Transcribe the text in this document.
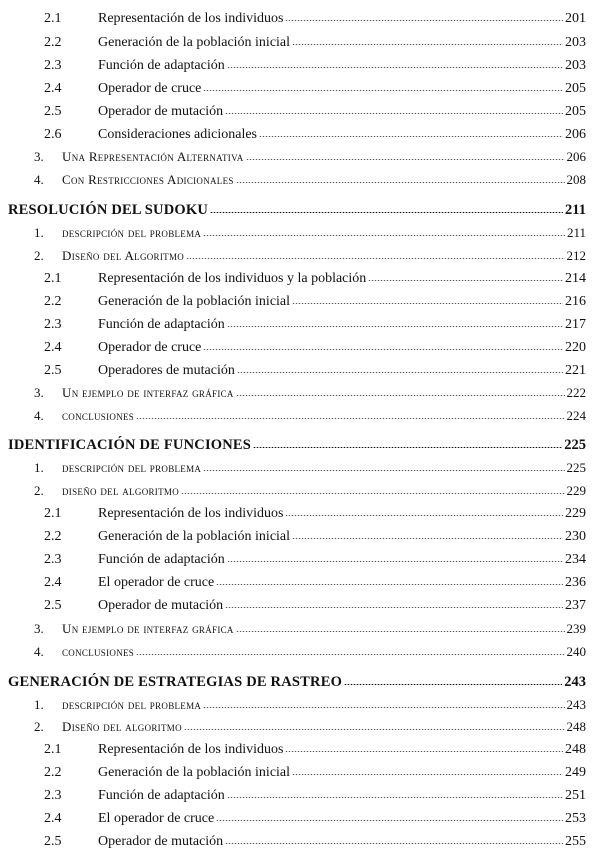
2.1	Representación de los individuos	201
2.2	Generación de la población inicial	203
2.3	Función de adaptación	203
2.4	Operador de cruce	205
2.5	Operador de mutación	205
2.6	Consideraciones adicionales	206
3.	Una Representación Alternativa	206
4.	Con Restricciones Adicionales	208
RESOLUCIÓN DEL SUDOKU	211
1.	descripción del problema	211
2.	Diseño del Algoritmo	212
2.1	Representación de los individuos y la población	214
2.2	Generación de la población inicial	216
2.3	Función de adaptación	217
2.4	Operador de cruce	220
2.5	Operadores de mutación	221
3.	Un ejemplo de interfaz gráfica	222
4.	conclusiones	224
IDENTIFICACIÓN DE FUNCIONES	225
1.	descripción del problema	225
2.	diseño del algoritmo	229
2.1	Representación de los individuos	229
2.2	Generación de la población inicial	230
2.3	Función de adaptación	234
2.4	El operador de cruce	236
2.5	Operador de mutación	237
3.	Un ejemplo de interfaz gráfica	239
4.	conclusiones	240
GENERACIÓN DE ESTRATEGIAS DE RASTREO	243
1.	descripción del problema	243
2.	Diseño del algoritmo	248
2.1	Representación de los individuos	248
2.2	Generación de la población inicial	249
2.3	Función de adaptación	251
2.4	El operador de cruce	253
2.5	Operador de mutación	255
